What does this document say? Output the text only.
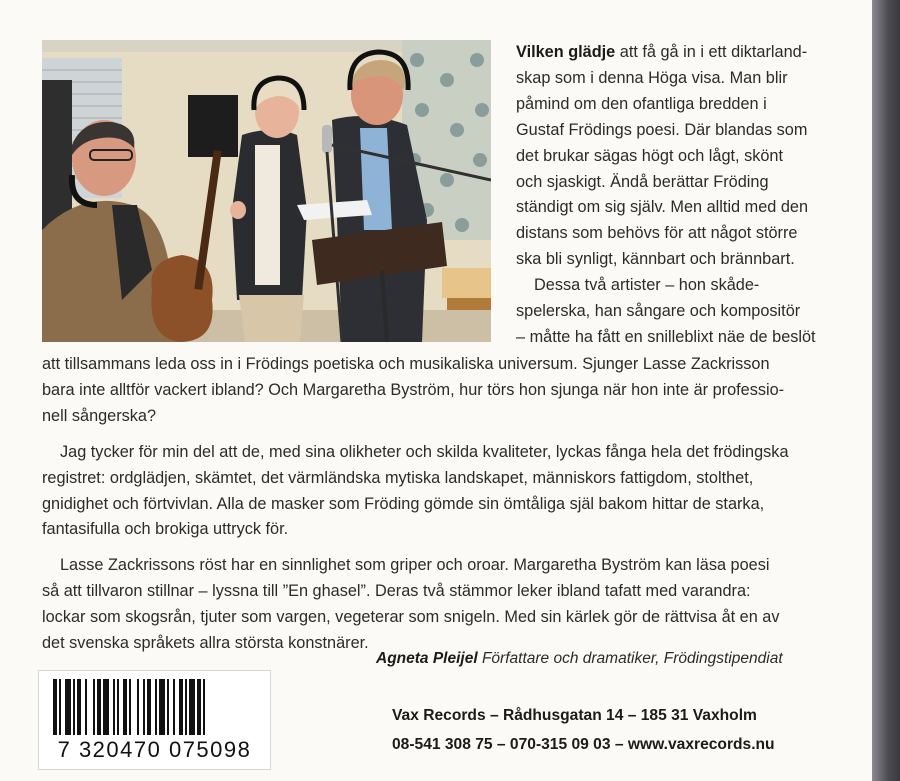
Vilken glädje att få gå in i ett diktarland-
skap som i denna Höga visa. Man blir
påmind om den ofantliga bredden i
Gustaf Frödings poesi. Där blandas som
det brukar sägas högt och lågt, skönt
och sjaskigt. Ändå berättar Fröding
ständigt om sig själv. Men alltid med den
distans som behövs för att något större
ska bli synligt, kännbart och brännbart.
Dessa två artister – hon skåde-
spelerska, han sångare och kompositör
– måtte ha fått en snilleblixt näe de beslöt
att tillsammans leda oss in i Frödings poetiska och musikaliska universum. Sjunger Lasse Zackrisson
bara inte alltför vackert ibland? Och Margaretha Byström, hur törs hon sjunga när hon inte är professio-
nell sångerska?
Jag tycker för min del att de, med sina olikheter och skilda kvaliteter, lyckas fånga hela det frödingska
registret: ordglädjen, skämtet, det värmländska mytiska landskapet, människors fattigdom, stolthet,
gnidighet och förtvivlan. Alla de masker som Fröding gömde sin ömtåliga själ bakom hittar de starka,
fantasifulla och brokiga uttryck för.
Lasse Zackrissons röst har en sinnlighet som griper och oroar. Margaretha Byström kan läsa poesi
så att tillvaron stillnar – lyssna till ”En ghasel”. Deras två stämmor leker ibland tafatt med varandra:
lockar som skogsrån, tjuter som vargen, vegeterar som snigeln. Med sin kärlek gör de rättvisa åt en av
det svenska språkets allra största konstnärer.
Agneta Pleijel Författare och dramatiker, Frödingstipendiat
7 320470 075098
Vax Records – Rådhusgatan 14 – 185 31 Vaxholm
08-541 308 75 – 070-315 09 03 – www.vaxrecords.nu
